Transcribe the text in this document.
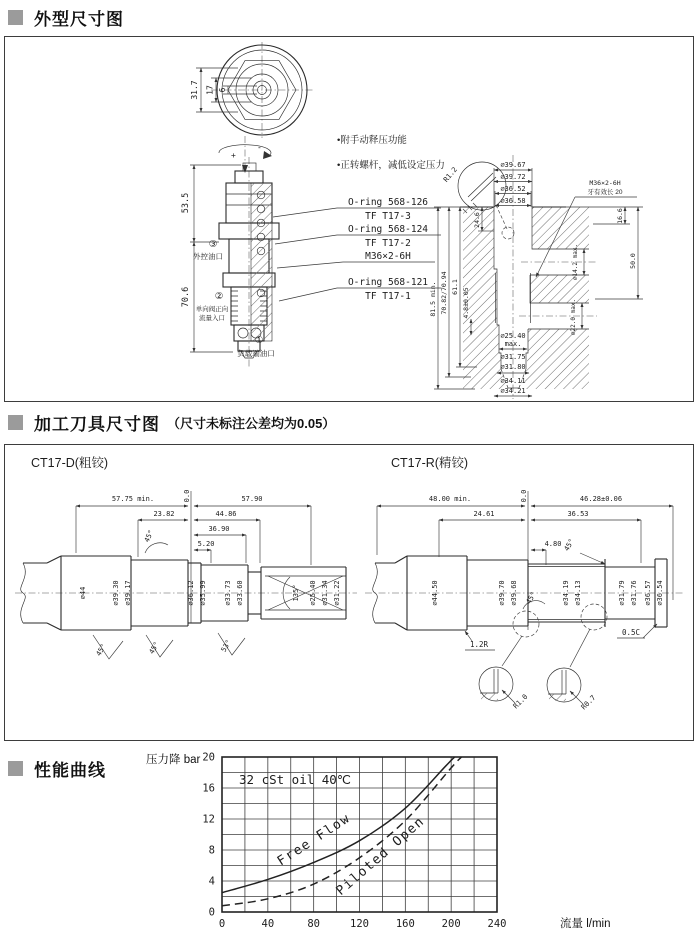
外型尺寸图
31.7 17 6
+
-
•附手动释压功能
•正转螺杆，减低设定压力
O-ring 568-126
TF T17-3
O-ring 568-124
TF T17-2
M36×2-6H
O-ring 568-121
TF T17-1
53.5
70.6
③
外控油口
②
单向阀正向
流量入口
①
负载端油口
R1.2
∅39.67
∅39.72
∅36.52
∅36.58
M36×2-6H
牙有效长 20
81.5 min. 70.82/70.94 61.1
4.8±0.05
24.6	16.6
50.0
∅14.2 max.
∅22.0 max.
∅25.40
max.
∅31.75
∅31.80
∅34.11
∅34.21
加工刀具尺寸图 （尺寸未标注公差均为0.05）
CT17-D(粗铰)
57.75 min.	0.0	57.90
23.82	44.86
36.90
5.20
∅44	∅39.30 ∅39.17	∅36.12 ∅35.99 ∅33.73 ∅33.60	135° ∅25.40 ∅31.34 ∅31.22
45°
45°	45°	53°
CT17-R(精铰)
48.00 min.	0.0	46.28±0.06
24.61	36.53
4.80
∅44.50	∅39.70 ∅39.68	∅34.19 ∅34.13	∅31.79 ∅31.76 ∅36.57 ∅36.54
45°
45°
1.2R
0.5C
R1.0	R0.7
性能曲线
0	40	80	120	160	200	240
0
4
8
12
16
20
压力降 bar
流量 l/min
32 cSt oil 40℃
Free Flow
Piloted Open
